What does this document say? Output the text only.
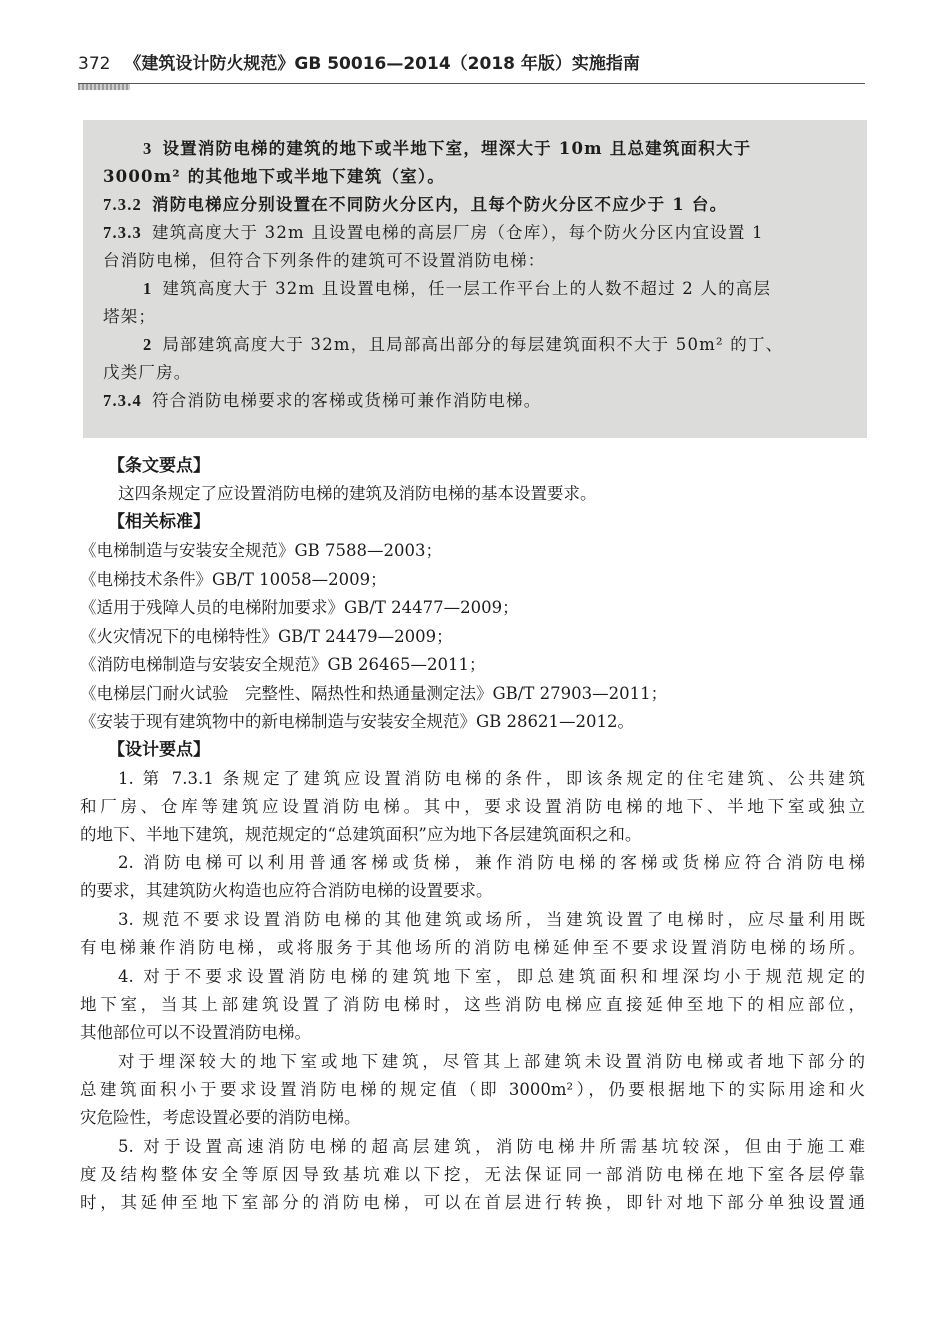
372 《建筑设计防火规范》GB 50016—2014（2018 年版）实施指南
3 设置消防电梯的建筑的地下或半地下室，埋深大于 10m 且总建筑面积大于
3000m² 的其他地下或半地下建筑（室）。
7.3.2 消防电梯应分别设置在不同防火分区内，且每个防火分区不应少于 1 台。
7.3.3 建筑高度大于 32m 且设置电梯的高层厂房（仓库），每个防火分区内宜设置 1
台消防电梯，但符合下列条件的建筑可不设置消防电梯：
1 建筑高度大于 32m 且设置电梯，任一层工作平台上的人数不超过 2 人的高层
塔架；
2 局部建筑高度大于 32m，且局部高出部分的每层建筑面积不大于 50m² 的丁、
戊类厂房。
7.3.4 符合消防电梯要求的客梯或货梯可兼作消防电梯。
【条文要点】
这四条规定了应设置消防电梯的建筑及消防电梯的基本设置要求。
【相关标准】
《电梯制造与安装安全规范》GB 7588—2003；
《电梯技术条件》GB/T 10058—2009；
《适用于残障人员的电梯附加要求》GB/T 24477—2009；
《火灾情况下的电梯特性》GB/T 24479—2009；
《消防电梯制造与安装安全规范》GB 26465—2011；
《电梯层门耐火试验　完整性、隔热性和热通量测定法》GB/T 27903—2011；
《安装于现有建筑物中的新电梯制造与安装安全规范》GB 28621—2012。
【设计要点】
1. 第 7.3.1 条规定了建筑应设置消防电梯的条件，即该条规定的住宅建筑、公共建筑
和厂房、仓库等建筑应设置消防电梯。其中，要求设置消防电梯的地下、半地下室或独立
的地下、半地下建筑，规范规定的“总建筑面积”应为地下各层建筑面积之和。
2. 消防电梯可以利用普通客梯或货梯，兼作消防电梯的客梯或货梯应符合消防电梯
的要求，其建筑防火构造也应符合消防电梯的设置要求。
3. 规范不要求设置消防电梯的其他建筑或场所，当建筑设置了电梯时，应尽量利用既
有电梯兼作消防电梯，或将服务于其他场所的消防电梯延伸至不要求设置消防电梯的场所。
4. 对于不要求设置消防电梯的建筑地下室，即总建筑面积和埋深均小于规范规定的
地下室，当其上部建筑设置了消防电梯时，这些消防电梯应直接延伸至地下的相应部位，
其他部位可以不设置消防电梯。
对于埋深较大的地下室或地下建筑，尽管其上部建筑未设置消防电梯或者地下部分的
总建筑面积小于要求设置消防电梯的规定值（即 3000m²），仍要根据地下的实际用途和火
灾危险性，考虑设置必要的消防电梯。
5. 对于设置高速消防电梯的超高层建筑，消防电梯井所需基坑较深，但由于施工难
度及结构整体安全等原因导致基坑难以下挖，无法保证同一部消防电梯在地下室各层停靠
时，其延伸至地下室部分的消防电梯，可以在首层进行转换，即针对地下部分单独设置通
